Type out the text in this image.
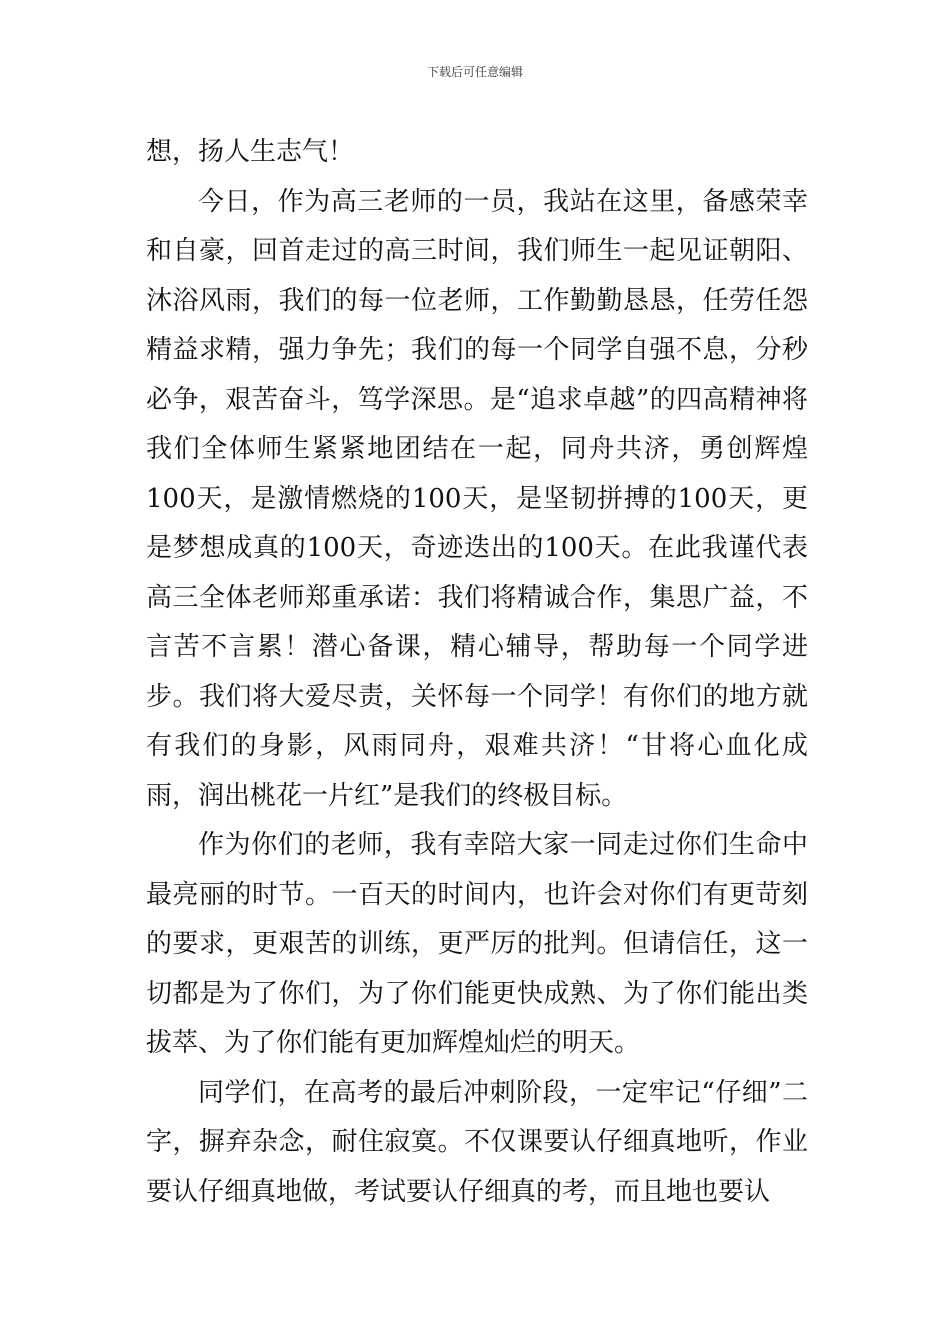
下载后可任意编辑

想，扬人生志气！

今日，作为高三老师的一员，我站在这里，备感荣幸和自豪，回首走过的高三时间，我们师生一起见证朝阳、沐浴风雨，我们的每一位老师，工作勤勤恳恳，任劳任怨精益求精，强力争先；我们的每一个同学自强不息，分秒必争，艰苦奋斗，笃学深思。是“追求卓越”的四高精神将我们全体师生紧紧地团结在一起，同舟共济，勇创辉煌100天，是激情燃烧的100天，是坚韧拼搏的100天，更是梦想成真的100天，奇迹迭出的100天。在此我谨代表高三全体老师郑重承诺：我们将精诚合作，集思广益，不言苦不言累！潜心备课，精心辅导，帮助每一个同学进步。我们将大爱尽责，关怀每一个同学！有你们的地方就有我们的身影，风雨同舟，艰难共济！“甘将心血化成雨，润出桃花一片红”是我们的终极目标。

作为你们的老师，我有幸陪大家一同走过你们生命中最亮丽的时节。一百天的时间内，也许会对你们有更苛刻的要求，更艰苦的训练，更严厉的批判。但请信任，这一切都是为了你们，为了你们能更快成熟、为了你们能出类拔萃、为了你们能有更加辉煌灿烂的明天。

同学们，在高考的最后冲刺阶段，一定牢记“仔细”二字，摒弃杂念，耐住寂寞。不仅课要认仔细真地听，作业要认仔细真地做，考试要认仔细真的考，而且地也要认
